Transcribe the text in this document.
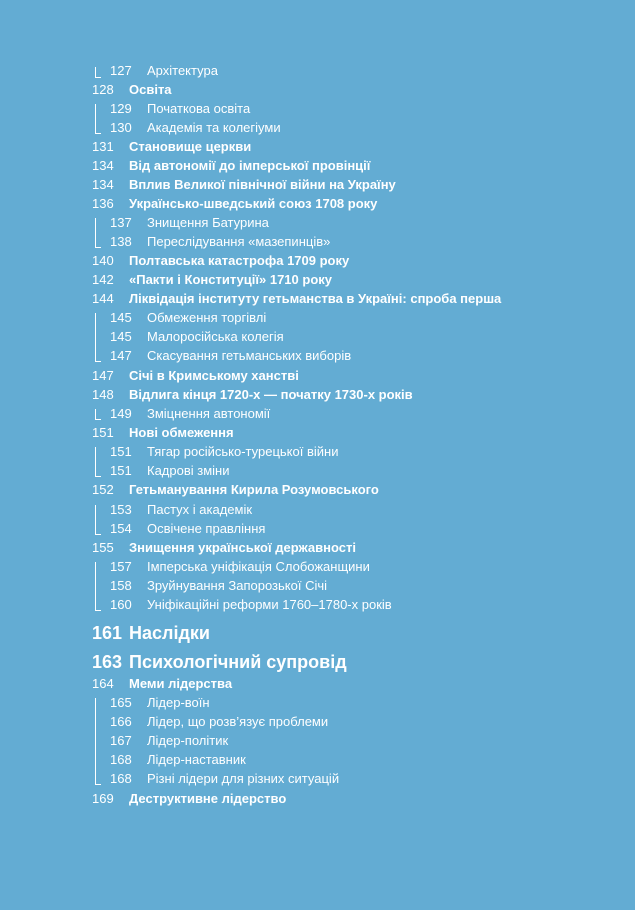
127 Архітектура
128 Освіта
129 Початкова освіта
130 Академія та колегіуми
131 Становище церкви
134 Від автономії до імперської провінції
134 Вплив Великої північної війни на Україну
136 Українсько-шведський союз 1708 року
137 Знищення Батурина
138 Переслідування «мазепинців»
140 Полтавська катастрофа 1709 року
142 «Пакти і Конституції» 1710 року
144 Ліквідація інституту гетьманства в Україні: спроба перша
145 Обмеження торгівлі
145 Малоросійська колегія
147 Скасування гетьманських виборів
147 Січі в Кримському ханстві
148 Відлига кінця 1720-х — початку 1730-х років
149 Зміцнення автономії
151 Нові обмеження
151 Тягар російсько-турецької війни
151 Кадрові зміни
152 Гетьманування Кирила Розумовського
153 Пастух і академік
154 Освічене правління
155 Знищення української державності
157 Імперська уніфікація Слобожанщини
158 Зруйнування Запорозької Січі
160 Уніфікаційні реформи 1760–1780-х років
161 Наслідки
163 Психологічний супровід
164 Меми лідерства
165 Лідер-воїн
166 Лідер, що розв’язує проблеми
167 Лідер-політик
168 Лідер-наставник
168 Різні лідери для різних ситуацій
169 Деструктивне лідерство
